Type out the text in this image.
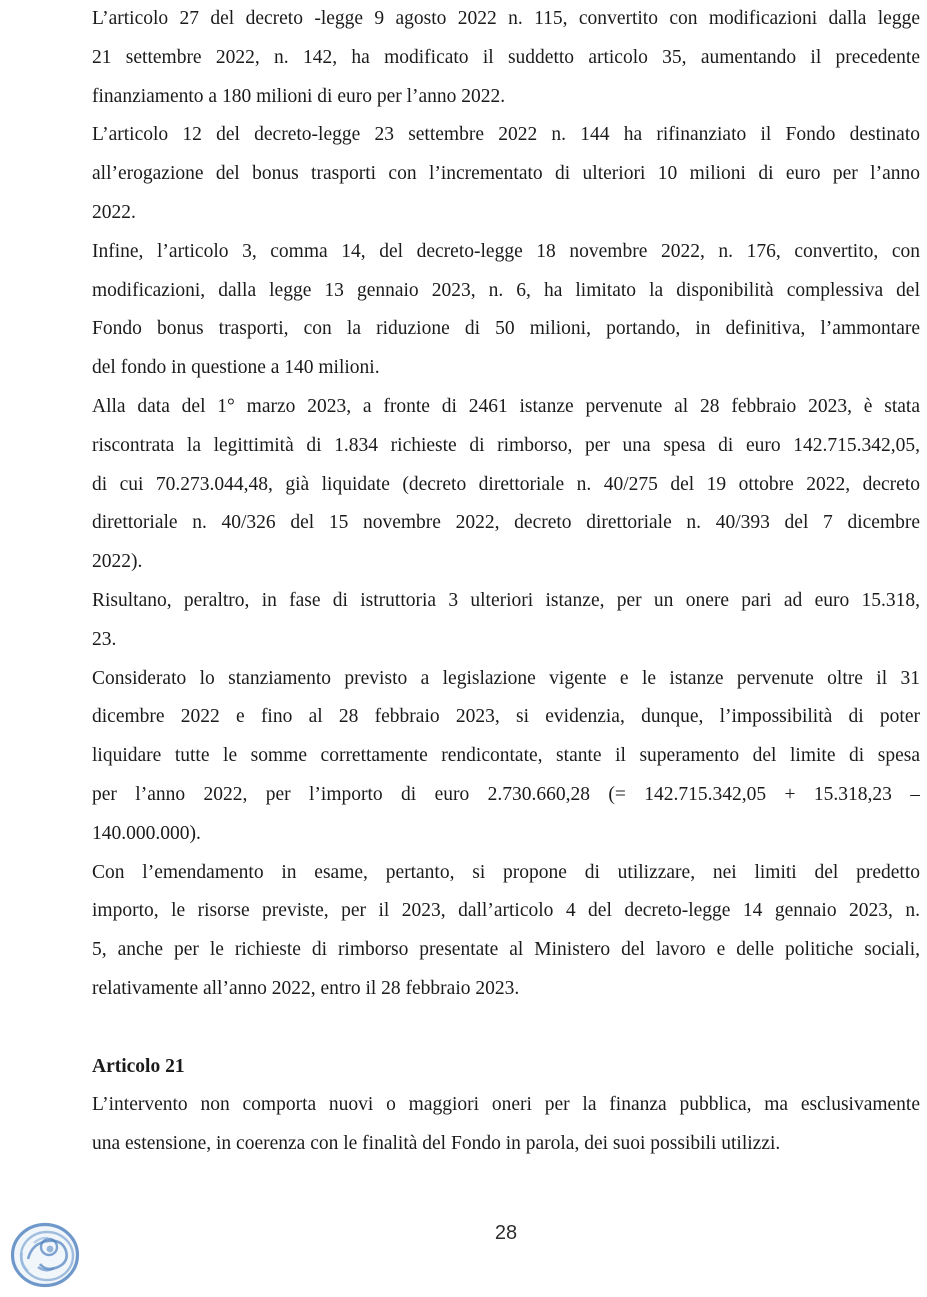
L’articolo 27 del decreto -legge 9 agosto 2022 n. 115, convertito con modificazioni dalla legge
21 settembre 2022, n. 142, ha modificato il suddetto articolo 35, aumentando il precedente
finanziamento a 180 milioni di euro per l’anno 2022.
L’articolo 12 del decreto-legge 23 settembre 2022 n. 144 ha rifinanziato il Fondo destinato
all’erogazione del bonus trasporti con l’incrementato di ulteriori 10 milioni di euro per l’anno
2022.
Infine, l’articolo 3, comma 14, del decreto-legge 18 novembre 2022, n. 176, convertito, con
modificazioni, dalla legge 13 gennaio 2023, n. 6, ha limitato la disponibilità complessiva del
Fondo bonus trasporti, con la riduzione di 50 milioni, portando, in definitiva, l’ammontare
del fondo in questione a 140 milioni.
Alla data del 1° marzo 2023, a fronte di 2461 istanze pervenute al 28 febbraio 2023, è stata
riscontrata la legittimità di 1.834 richieste di rimborso, per una spesa di euro 142.715.342,05,
di cui 70.273.044,48, già liquidate (decreto direttoriale n. 40/275 del 19 ottobre 2022, decreto
direttoriale n. 40/326 del 15 novembre 2022, decreto direttoriale n. 40/393 del 7 dicembre
2022).
Risultano, peraltro, in fase di istruttoria 3 ulteriori istanze, per un onere pari ad euro 15.318,
23.
Considerato lo stanziamento previsto a legislazione vigente e le istanze pervenute oltre il 31
dicembre 2022 e fino al 28 febbraio 2023, si evidenzia, dunque, l’impossibilità di poter
liquidare tutte le somme correttamente rendicontate, stante il superamento del limite di spesa
per l’anno 2022, per l’importo di euro 2.730.660,28 (= 142.715.342,05 + 15.318,23 –
140.000.000).
Con l’emendamento in esame, pertanto, si propone di utilizzare, nei limiti del predetto
importo, le risorse previste, per il 2023, dall’articolo 4 del decreto-legge 14 gennaio 2023, n.
5, anche per le richieste di rimborso presentate al Ministero del lavoro e delle politiche sociali,
relativamente all’anno 2022, entro il 28 febbraio 2023.
Articolo 21
L’intervento non comporta nuovi o maggiori oneri per la finanza pubblica, ma esclusivamente
una estensione, in coerenza con le finalità del Fondo in parola, dei suoi possibili utilizzi.
28
